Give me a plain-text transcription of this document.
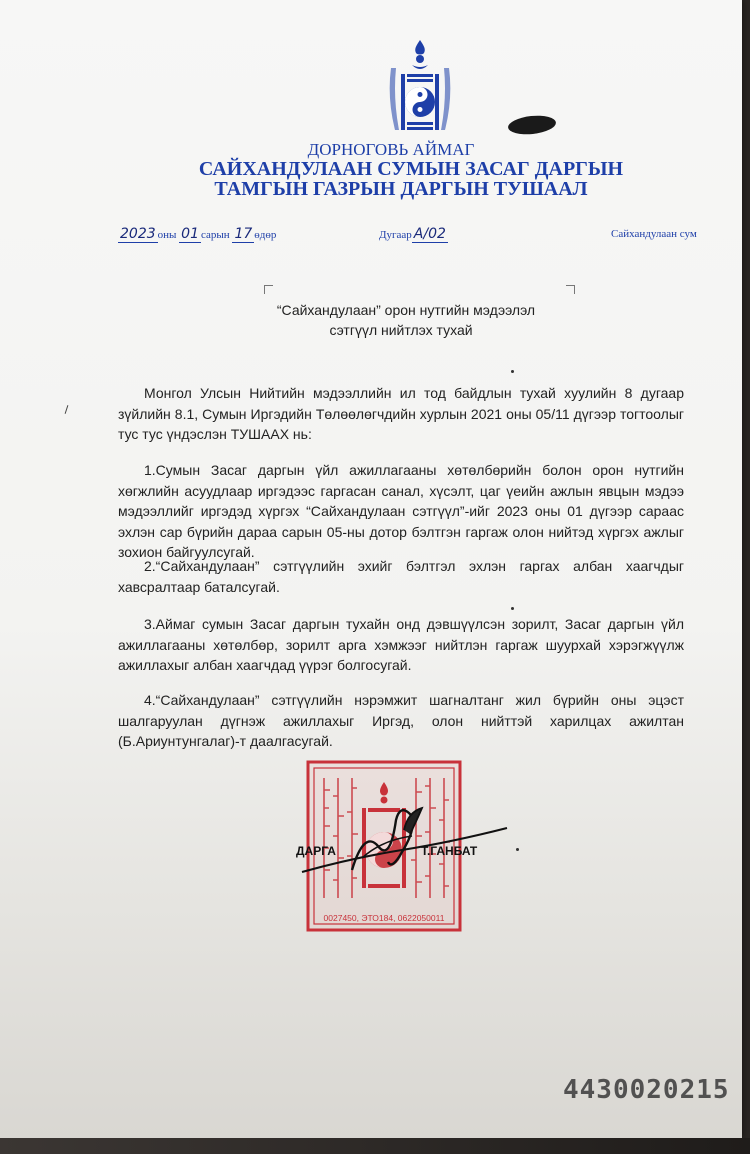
ДОРНОГОВЬ АЙМАГ
САЙХАНДУЛААН СУМЫН ЗАСАГ ДАРГЫН
ТАМГЫН ГАЗРЫН ДАРГЫН ТУШААЛ
2023 оны 01 сарын 17 өдөр	Дугаар А/02	Сайхандулаан сум
“Сайхандулаан” орон нутгийн мэдээлэл
сэтгүүл нийтлэх тухай
Монгол Улсын Нийтийн мэдээллийн ил тод байдлын тухай хуулийн 8 дугаар зүйлийн 8.1, Сумын Иргэдийн Төлөөлөгчдийн хурлын 2021 оны 05/11 дүгээр тогтоолыг тус тус үндэслэн ТУШААХ нь:
1.Сумын Засаг даргын үйл ажиллагааны хөтөлбөрийн болон орон нутгийн хөгжлийн асуудлаар иргэдээс гаргасан санал, хүсэлт, цаг үеийн ажлын явцын мэдээ мэдээллийг иргэдэд хүргэх “Сайхандулаан сэтгүүл”-ийг 2023 оны 01 дүгээр сараас эхлэн сар бүрийн дараа сарын 05-ны дотор бэлтгэн гаргаж олон нийтэд хүргэх ажлыг зохион байгуулсугай.
2.“Сайхандулаан” сэтгүүлийн эхийг бэлтгэл эхлэн гаргах албан хаагчдыг хавсралтаар баталсугай.
3.Аймаг сумын Засаг даргын тухайн онд дэвшүүлсэн зорилт, Засаг даргын үйл ажиллагааны хөтөлбөр, зорилт арга хэмжээг нийтлэн гаргаж шуурхай хэрэгжүүлж ажиллахыг албан хаагчдад үүрэг болгосугай.
4.“Сайхандулаан” сэтгүүлийн нэрэмжит шагналтанг жил бүрийн оны эцэст шалгаруулан дүгнэж ажиллахыг Иргэд, олон нийттэй харилцах ажилтан (Б.Ариунтунгалаг)-т даалгасугай.
0027450, ЭТО184, 0622050011
ДАРГА	Т.ГАНБАТ
4430020215
